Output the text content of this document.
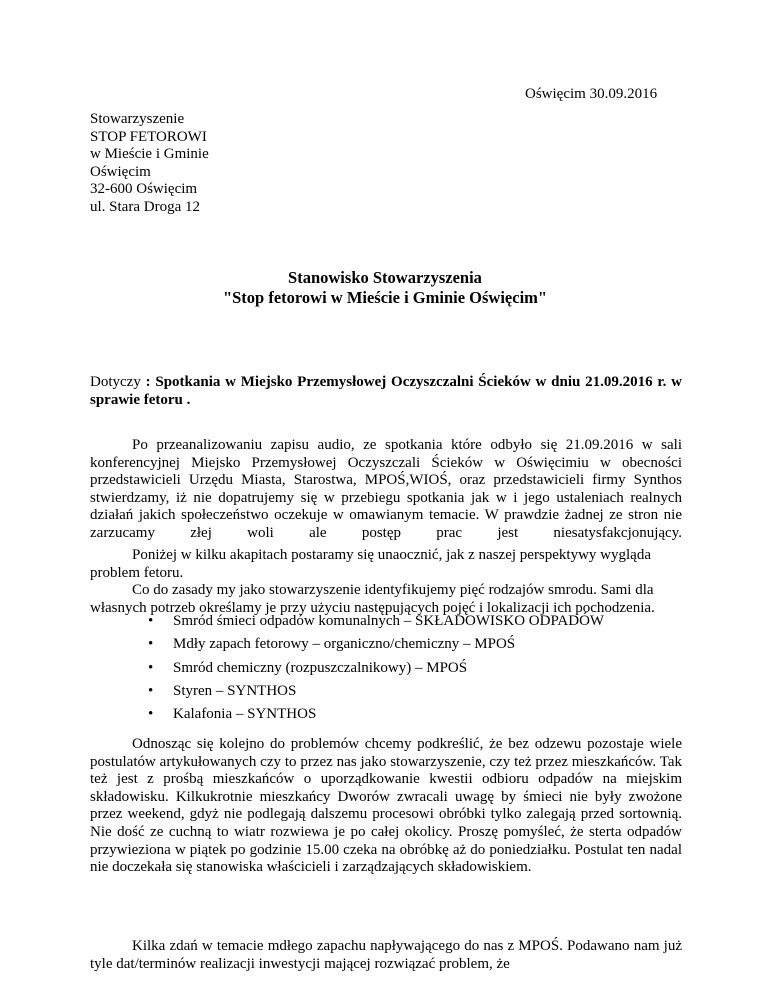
Oświęcim 30.09.2016
Stowarzyszenie
STOP FETOROWI
w Mieście i Gminie
Oświęcim
32-600 Oświęcim
ul. Stara Droga 12
Stanowisko Stowarzyszenia
"Stop fetorowi w Mieście i Gminie Oświęcim"
Dotyczy : Spotkania w Miejsko Przemysłowej Oczyszczalni Ścieków w dniu 21.09.2016 r. w sprawie fetoru .
Po przeanalizowaniu zapisu audio, ze spotkania które odbyło się 21.09.2016 w sali konferencyjnej Miejsko Przemysłowej Oczyszczali Ścieków w Oświęcimiu w obecności przedstawicieli Urzędu Miasta, Starostwa, MPOŚ,WIOŚ, oraz przedstawicieli firmy Synthos stwierdzamy, iż nie dopatrujemy się w przebiegu spotkania jak w i jego ustaleniach realnych działań jakich społeczeństwo oczekuje w omawianym temacie. W prawdzie żadnej ze stron nie zarzucamy złej woli ale postęp prac jest niesatysfakcjonujący.
Poniżej w kilku akapitach postaramy się unaocznić, jak z naszej perspektywy wygląda
problem fetoru.
Co do zasady my jako stowarzyszenie identyfikujemy pięć rodzajów smrodu. Sami dla
własnych potrzeb określamy je przy użyciu następujących pojęć i lokalizacji ich pochodzenia.
• Smród śmieci odpadów komunalnych – SKŁADOWISKO ODPADÓW
• Mdły zapach fetorowy – organiczno/chemiczny – MPOŚ
• Smród chemiczny (rozpuszczalnikowy) – MPOŚ
• Styren – SYNTHOS
• Kalafonia – SYNTHOS
Odnosząc się kolejno do problemów chcemy podkreślić, że bez odzewu pozostaje wiele postulatów artykułowanych czy to przez nas jako stowarzyszenie, czy też przez mieszkańców. Tak też jest z prośbą mieszkańców o uporządkowanie kwestii odbioru odpadów na miejskim składowisku. Kilkukrotnie mieszkańcy Dworów zwracali uwagę by śmieci nie były zwożone przez weekend, gdyż nie podlegają dalszemu procesowi obróbki tylko zalegają przed sortownią. Nie dość ze cuchną to wiatr rozwiewa je po całej okolicy. Proszę pomyśleć, że sterta odpadów przywieziona w piątek po godzinie 15.00 czeka na obróbkę aż do poniedziałku. Postulat ten nadal nie doczekała się stanowiska właścicieli i zarządzających składowiskiem.
Kilka zdań w temacie mdłego zapachu napływającego do nas z MPOŚ. Podawano nam już tyle dat/terminów realizacji inwestycji mającej rozwiązać problem, że
